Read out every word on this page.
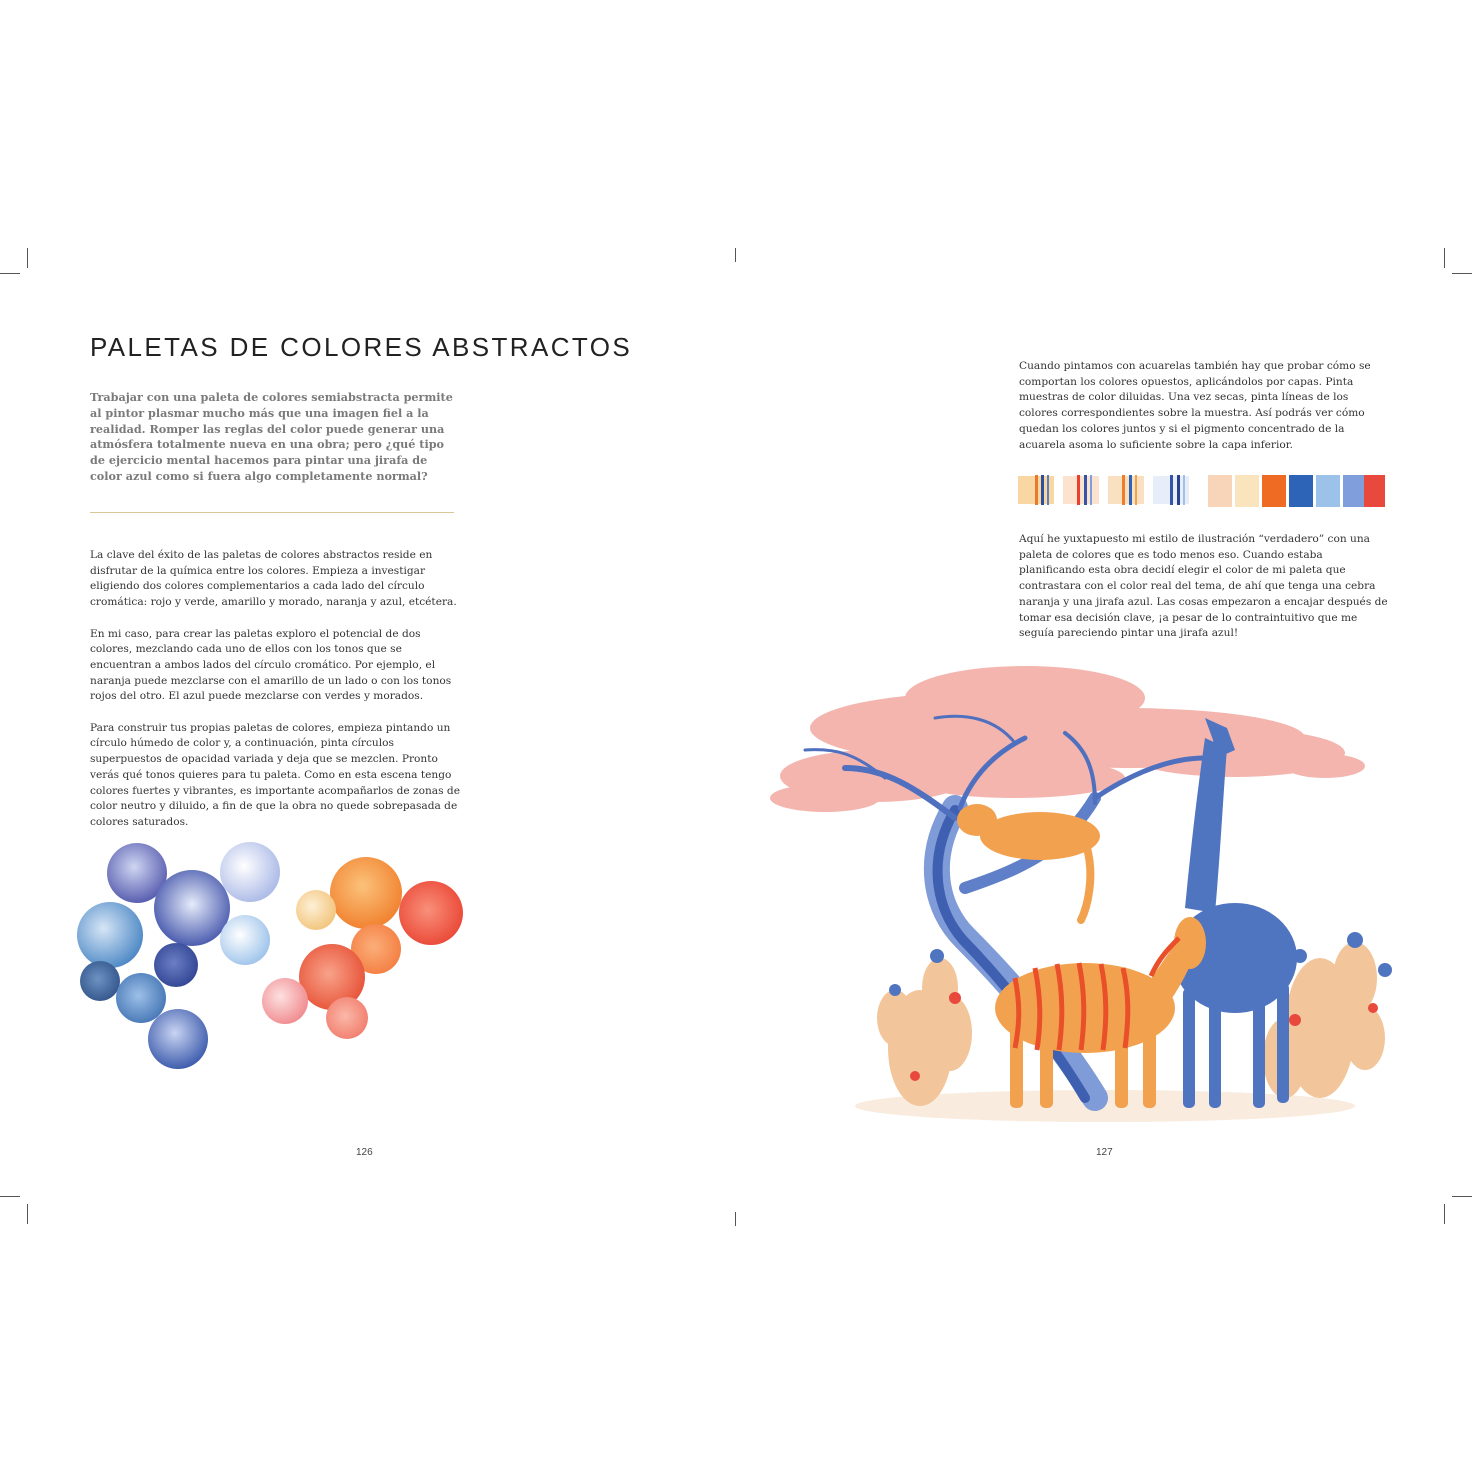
PALETAS DE COLORES ABSTRACTOS

Trabajar con una paleta de colores semiabstracta permite al pintor plasmar mucho más que una imagen fiel a la realidad. Romper las reglas del color puede generar una atmósfera totalmente nueva en una obra; pero ¿qué tipo de ejercicio mental hacemos para pintar una jirafa de color azul como si fuera algo completamente normal?

La clave del éxito de las paletas de colores abstractos reside en disfrutar de la química entre los colores. Empieza a investigar eligiendo dos colores complementarios a cada lado del círculo cromática: rojo y verde, amarillo y morado, naranja y azul, etcétera.

En mi caso, para crear las paletas exploro el potencial de dos colores, mezclando cada uno de ellos con los tonos que se encuentran a ambos lados del círculo cromático. Por ejemplo, el naranja puede mezclarse con el amarillo de un lado o con los tonos rojos del otro. El azul puede mezclarse con verdes y morados.

Para construir tus propias paletas de colores, empieza pintando un círculo húmedo de color y, a continuación, pinta círculos superpuestos de opacidad variada y deja que se mezclen. Pronto verás qué tonos quieres para tu paleta. Como en esta escena tengo colores fuertes y vibrantes, es importante acompañarlos de zonas de color neutro y diluido, a fin de que la obra no quede sobrepasada de colores saturados.

126

Cuando pintamos con acuarelas también hay que probar cómo se comportan los colores opuestos, aplicándolos por capas. Pinta muestras de color diluidas. Una vez secas, pinta líneas de los colores correspondientes sobre la muestra. Así podrás ver cómo quedan los colores juntos y si el pigmento concentrado de la acuarela asoma lo suficiente sobre la capa inferior.

Aquí he yuxtapuesto mi estilo de ilustración “verdadero” con una paleta de colores que es todo menos eso. Cuando estaba planificando esta obra decidí elegir el color de mi paleta que contrastara con el color real del tema, de ahí que tenga una cebra naranja y una jirafa azul. Las cosas empezaron a encajar después de tomar esa decisión clave, ¡a pesar de lo contraintuitivo que me seguía pareciendo pintar una jirafa azul!

127
